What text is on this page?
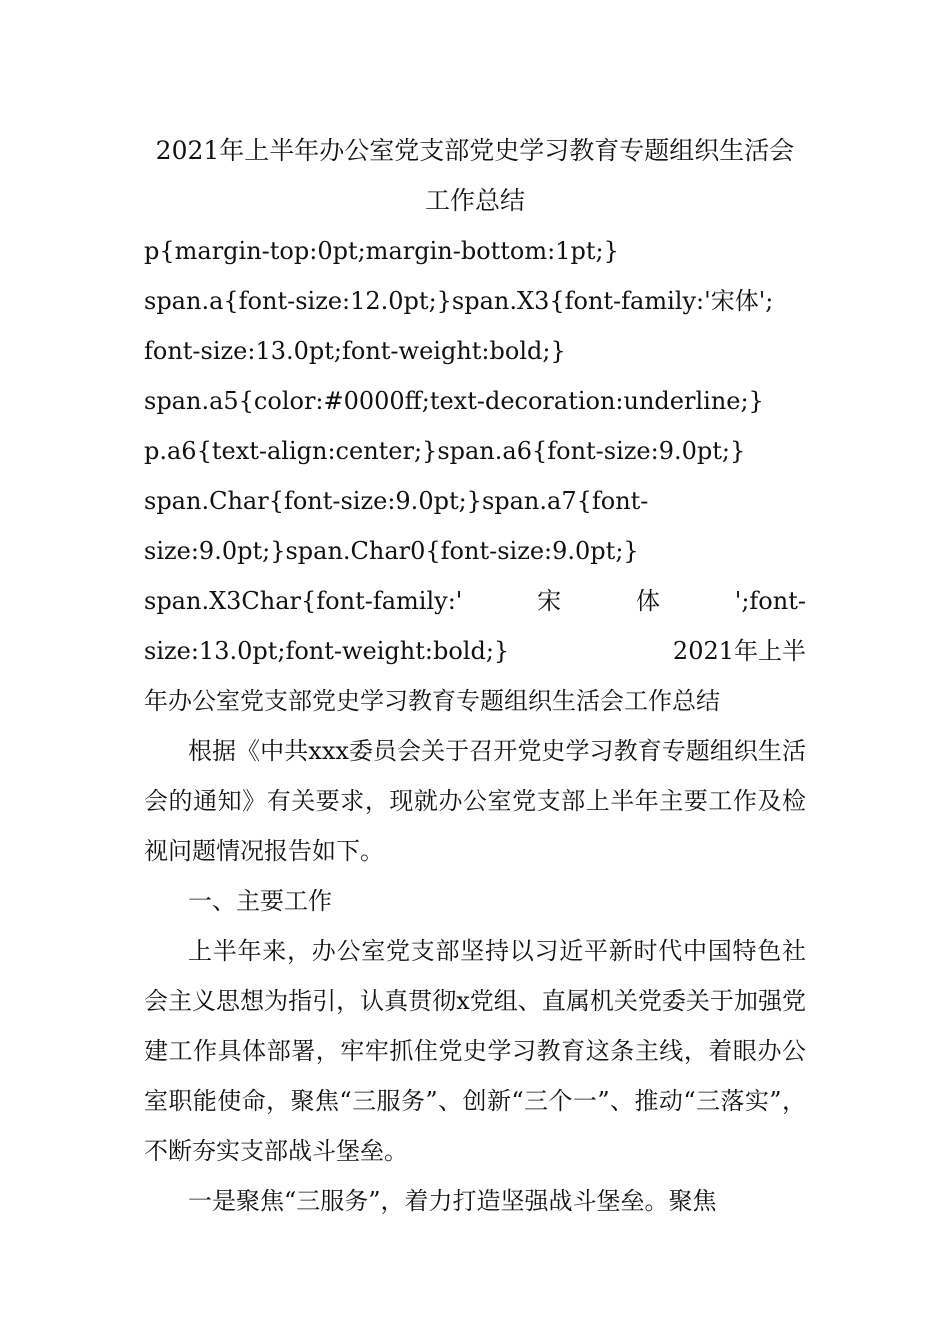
2021年上半年办公室党支部党史学习教育专题组织生活会
工作总结

p{margin-top:0pt;margin-bottom:1pt;}
span.a{font-size:12.0pt;}span.X3{font-family:'宋体';
font-size:13.0pt;font-weight:bold;}
span.a5{color:#0000ff;text-decoration:underline;}
p.a6{text-align:center;}span.a6{font-size:9.0pt;}
span.Char{font-size:9.0pt;}span.a7{font-
size:9.0pt;}span.Char0{font-size:9.0pt;}
span.X3Char{font-family:'	宋	体	';font-
size:13.0pt;font-weight:bold;}	2021年上半
年办公室党支部党史学习教育专题组织生活会工作总结

根据《中共xxx委员会关于召开党史学习教育专题组织生活会的通知》有关要求，现就办公室党支部上半年主要工作及检视问题情况报告如下。

一、主要工作

上半年来，办公室党支部坚持以习近平新时代中国特色社会主义思想为指引，认真贯彻x党组、直属机关党委关于加强党建工作具体部署，牢牢抓住党史学习教育这条主线，着眼办公室职能使命，聚焦“三服务”、创新“三个一”、推动“三落实”，不断夯实支部战斗堡垒。

一是聚焦“三服务”，着力打造坚强战斗堡垒。聚焦
